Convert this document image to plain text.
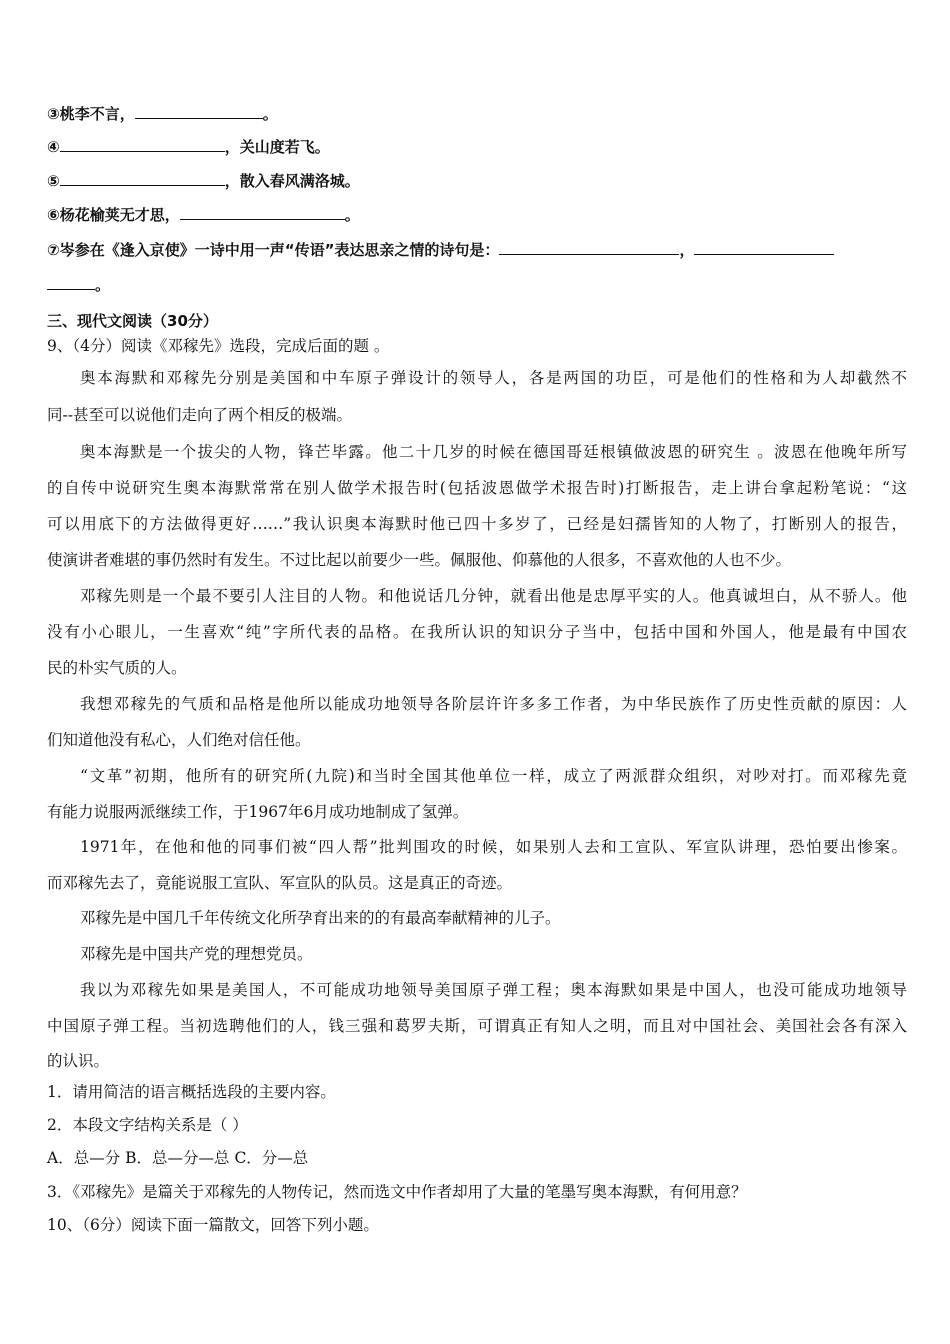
③桃李不言，	。
④	，关山度若飞。
⑤	，散入春风满洛城。
⑥杨花榆荚无才思，	。
⑦岑参在《逢入京使》一诗中用一声“传语”表达思亲之情的诗句是：	，
。
三、现代文阅读（30分）
9、（4分）阅读《邓稼先》选段，完成后面的题 。
奥本海默和邓稼先分别是美国和中车原子弹设计的领导人，各是两国的功臣，可是他们的性格和为人却截然不
同--甚至可以说他们走向了两个相反的极端。
奥本海默是一个拔尖的人物，锋芒毕露。他二十几岁的时候在德国哥廷根镇做波恩的研究生 。波恩在他晚年所写
的自传中说研究生奥本海默常常在别人做学术报告时(包括波恩做学术报告时)打断报告，走上讲台拿起粉笔说：“这
可以用底下的方法做得更好……”我认识奥本海默时他已四十多岁了，已经是妇孺皆知的人物了，打断别人的报告，
使演讲者难堪的事仍然时有发生。不过比起以前要少一些。佩服他、仰慕他的人很多，不喜欢他的人也不少。
邓稼先则是一个最不要引人注目的人物。和他说话几分钟，就看出他是忠厚平实的人。他真诚坦白，从不骄人。他
没有小心眼儿，一生喜欢“纯”字所代表的品格。在我所认识的知识分子当中，包括中国和外国人，他是最有中国农
民的朴实气质的人。
我想邓稼先的气质和品格是他所以能成功地领导各阶层许许多多工作者，为中华民族作了历史性贡献的原因：人
们知道他没有私心，人们绝对信任他。
“文革”初期，他所有的研究所(九院)和当时全国其他单位一样，成立了两派群众组织，对吵对打。而邓稼先竟
有能力说服两派继续工作，于1967年6月成功地制成了氢弹。
1971年，在他和他的同事们被“四人帮”批判围攻的时候，如果别人去和工宣队、军宣队讲理，恐怕要出惨案。
而邓稼先去了，竟能说服工宣队、军宣队的队员。这是真正的奇迹。
邓稼先是中国几千年传统文化所孕育出来的的有最高奉献精神的儿子。
邓稼先是中国共产党的理想党员。
我以为邓稼先如果是美国人，不可能成功地领导美国原子弹工程；奥本海默如果是中国人，也没可能成功地领导
中国原子弹工程。当初选聘他们的人，钱三强和葛罗夫斯，可谓真正有知人之明，而且对中国社会、美国社会各有深入
的认识。
1．请用简洁的语言概括选段的主要内容。
2．本段文字结构关系是（ ）
A．总—分 B．总—分—总 C．分—总
3．《邓稼先》是篇关于邓稼先的人物传记，然而选文中作者却用了大量的笔墨写奥本海默，有何用意？
10、（6分）阅读下面一篇散文，回答下列小题。
